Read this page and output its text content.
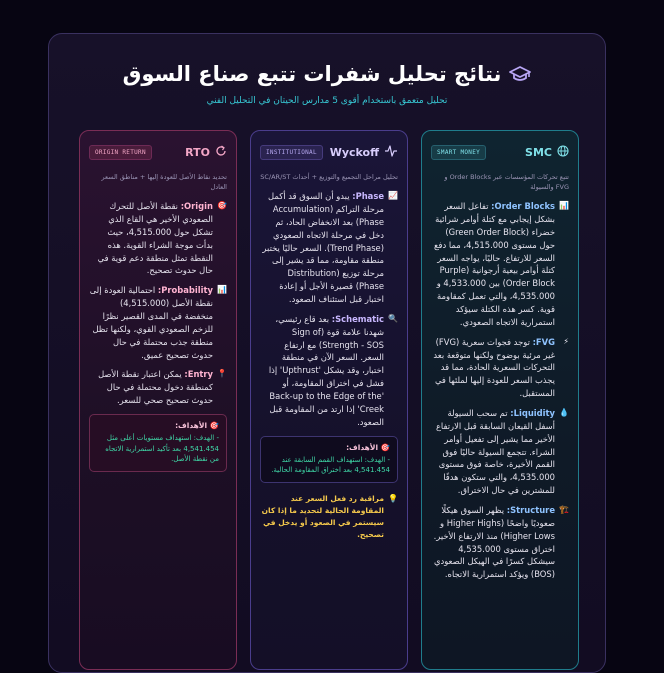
نتائج تحليل شفرات تتبع صناع السوق
تحليل متعمق باستخدام أقوى 5 مدارس الحيتان في التحليل الفني
SMC
SMART MONEY
تتبع تحركات المؤسسات عبر Order Blocks و FVG والسيولة
📊
Order Blocks: تفاعل السعر بشكل إيجابي مع كتلة أوامر شرائية خضراء (Green Order Block) حول مستوى 4,515.000، مما دفع السعر للارتفاع. حاليًا، يواجه السعر كتلة أوامر بيعية أرجوانية (Purple Order Block) بين 4,533.000 و 4,535.000، والتي تعمل كمقاومة قوية. كسر هذه الكتلة سيؤكد استمرارية الاتجاه الصعودي.
⚡
FVG: توجد فجوات سعرية (FVG) غير مرئية بوضوح ولكنها متوقعة بعد التحركات السعرية الحادة، مما قد يجذب السعر للعودة إليها لملئها في المستقبل.
💧
Liquidity: تم سحب السيولة أسفل القيعان السابقة قبل الارتفاع الأخير مما يشير إلى تفعيل أوامر الشراء. تتجمع السيولة حاليًا فوق القمم الأخيرة، خاصة فوق مستوى 4,535.000، والتي ستكون هدفًا للمشترين في حال الاختراق.
🏗️
Structure: يظهر السوق هيكلًا صعوديًا واضحًا (Higher Highs و Higher Lows) منذ الارتفاع الأخير. اختراق مستوى 4,535.000 سيشكل كسرًا في الهيكل الصعودي (BOS) ويؤكد استمرارية الاتجاه.
Wyckoff
INSTITUTIONAL
تحليل مراحل التجميع والتوزيع + أحداث SC/AR/ST
📈
Phase: يبدو أن السوق قد أكمل مرحلة التراكم (Accumulation Phase) بعد الانخفاض الحاد، ثم دخل في مرحلة الاتجاه الصعودي (Trend Phase). السعر حاليًا يختبر منطقة مقاومة، مما قد يشير إلى مرحلة توزيع (Distribution Phase) قصيرة الأجل أو إعادة اختبار قبل استئناف الصعود.
🔍
Schematic: بعد قاع رئيسي، شهدنا علامة قوة (Sign of Strength - SOS) مع ارتفاع السعر. السعر الآن في منطقة اختبار، وقد يشكل 'Upthrust' إذا فشل في اختراق المقاومة، أو 'Back-up to the Edge of the Creek' إذا ارتد من المقاومة قبل الصعود.
🎯 الأهداف:
- الهدف: استهداف القمم السابقة عند 4,541.454 بعد اختراق المقاومة الحالية.
💡
مراقبة رد فعل السعر عند المقاومة الحالية لتحديد ما إذا كان سيستمر في الصعود أو يدخل في تصحيح.
RTO
ORIGIN RETURN
تحديد نقاط الأصل للعودة إليها + مناطق السعر العادل
🎯
Origin: نقطة الأصل للتحرك الصعودي الأخير هي القاع الذي تشكل حول 4,515.000، حيث بدأت موجة الشراء القوية. هذه النقطة تمثل منطقة دعم قوية في حال حدوث تصحيح.
📊
Probability: احتمالية العودة إلى نقطة الأصل (4,515.000) منخفضة في المدى القصير نظرًا للزخم الصعودي القوي، ولكنها تظل منطقة جذب محتملة في حال حدوث تصحيح عميق.
📍
Entry: يمكن اعتبار نقطة الأصل كمنطقة دخول محتملة في حال حدوث تصحيح صحي للسعر.
🎯 الأهداف:
- الهدف: استهداف مستويات أعلى مثل 4,541.454 بعد تأكيد استمرارية الاتجاه من نقطة الأصل.
